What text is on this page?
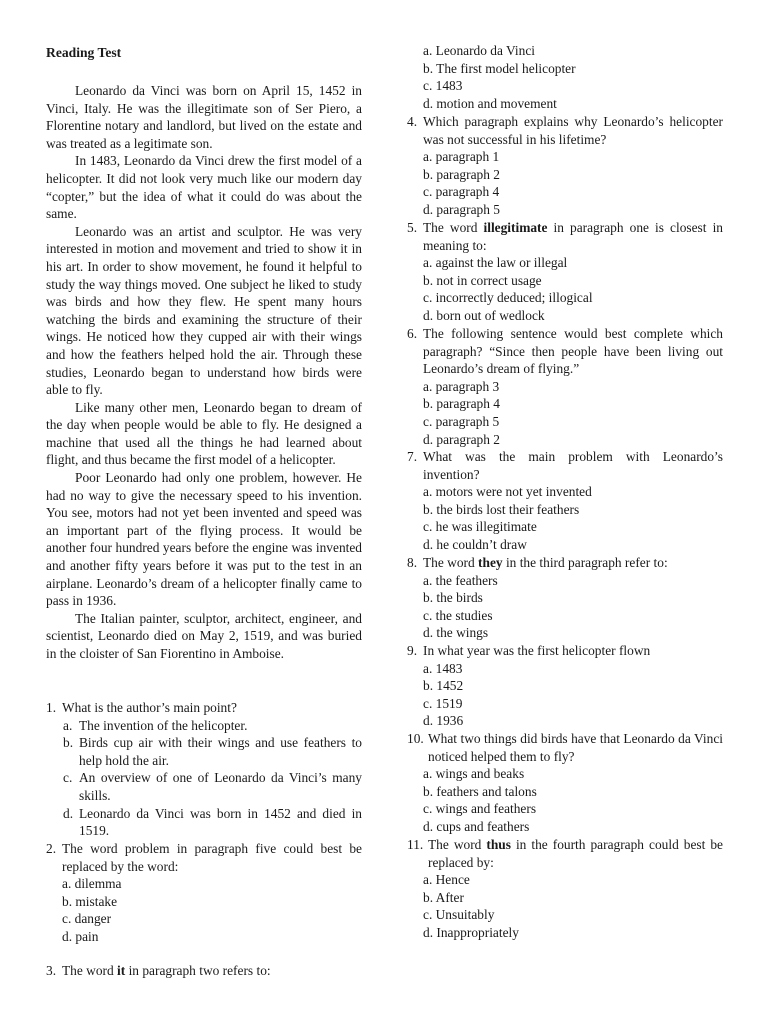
Reading Test

Leonardo da Vinci was born on April 15, 1452 in Vinci, Italy. He was the illegitimate son of Ser Piero, a Florentine notary and landlord, but lived on the estate and was treated as a legitimate son.

In 1483, Leonardo da Vinci drew the first model of a helicopter. It did not look very much like our modern day “copter,” but the idea of what it could do was about the same.

Leonardo was an artist and sculptor. He was very interested in motion and movement and tried to show it in his art. In order to show movement, he found it helpful to study the way things moved. One subject he liked to study was birds and how they flew. He spent many hours watching the birds and examining the structure of their wings. He noticed how they cupped air with their wings and how the feathers helped hold the air. Through these studies, Leonardo began to understand how birds were able to fly.

Like many other men, Leonardo began to dream of the day when people would be able to fly. He designed a machine that used all the things he had learned about flight, and thus became the first model of a helicopter.

Poor Leonardo had only one problem, however. He had no way to give the necessary speed to his invention. You see, motors had not yet been invented and speed was an important part of the flying process. It would be another four hundred years before the engine was invented and another fifty years before it was put to the test in an airplane. Leonardo’s dream of a helicopter finally came to pass in 1936.

The Italian painter, sculptor, architect, engineer, and scientist, Leonardo died on May 2, 1519, and was buried in the cloister of San Fiorentino in Amboise.

1. What is the author’s main point?
a. The invention of the helicopter.
b. Birds cup air with their wings and use feathers to help hold the air.
c. An overview of one of Leonardo da Vinci’s many skills.
d. Leonardo da Vinci was born in 1452 and died in 1519.
2. The word problem in paragraph five could best be replaced by the word:
a. dilemma
b. mistake
c. danger
d. pain
3. The word it in paragraph two refers to:
a. Leonardo da Vinci
b. The first model helicopter
c. 1483
d. motion and movement
4. Which paragraph explains why Leonardo’s helicopter was not successful in his lifetime?
a. paragraph 1
b. paragraph 2
c. paragraph 4
d. paragraph 5
5. The word illegitimate in paragraph one is closest in meaning to:
a. against the law or illegal
b. not in correct usage
c. incorrectly deduced; illogical
d. born out of wedlock
6. The following sentence would best complete which paragraph? “Since then people have been living out Leonardo’s dream of flying.”
a. paragraph 3
b. paragraph 4
c. paragraph 5
d. paragraph 2
7. What was the main problem with Leonardo’s invention?
a. motors were not yet invented
b. the birds lost their feathers
c. he was illegitimate
d. he couldn’t draw
8. The word they in the third paragraph refer to:
a. the feathers
b. the birds
c. the studies
d. the wings
9. In what year was the first helicopter flown
a. 1483
b. 1452
c. 1519
d. 1936
10. What two things did birds have that Leonardo da Vinci noticed helped them to fly?
a. wings and beaks
b. feathers and talons
c. wings and feathers
d. cups and feathers
11. The word thus in the fourth paragraph could best be replaced by:
a. Hence
b. After
c. Unsuitably
d. Inappropriately
